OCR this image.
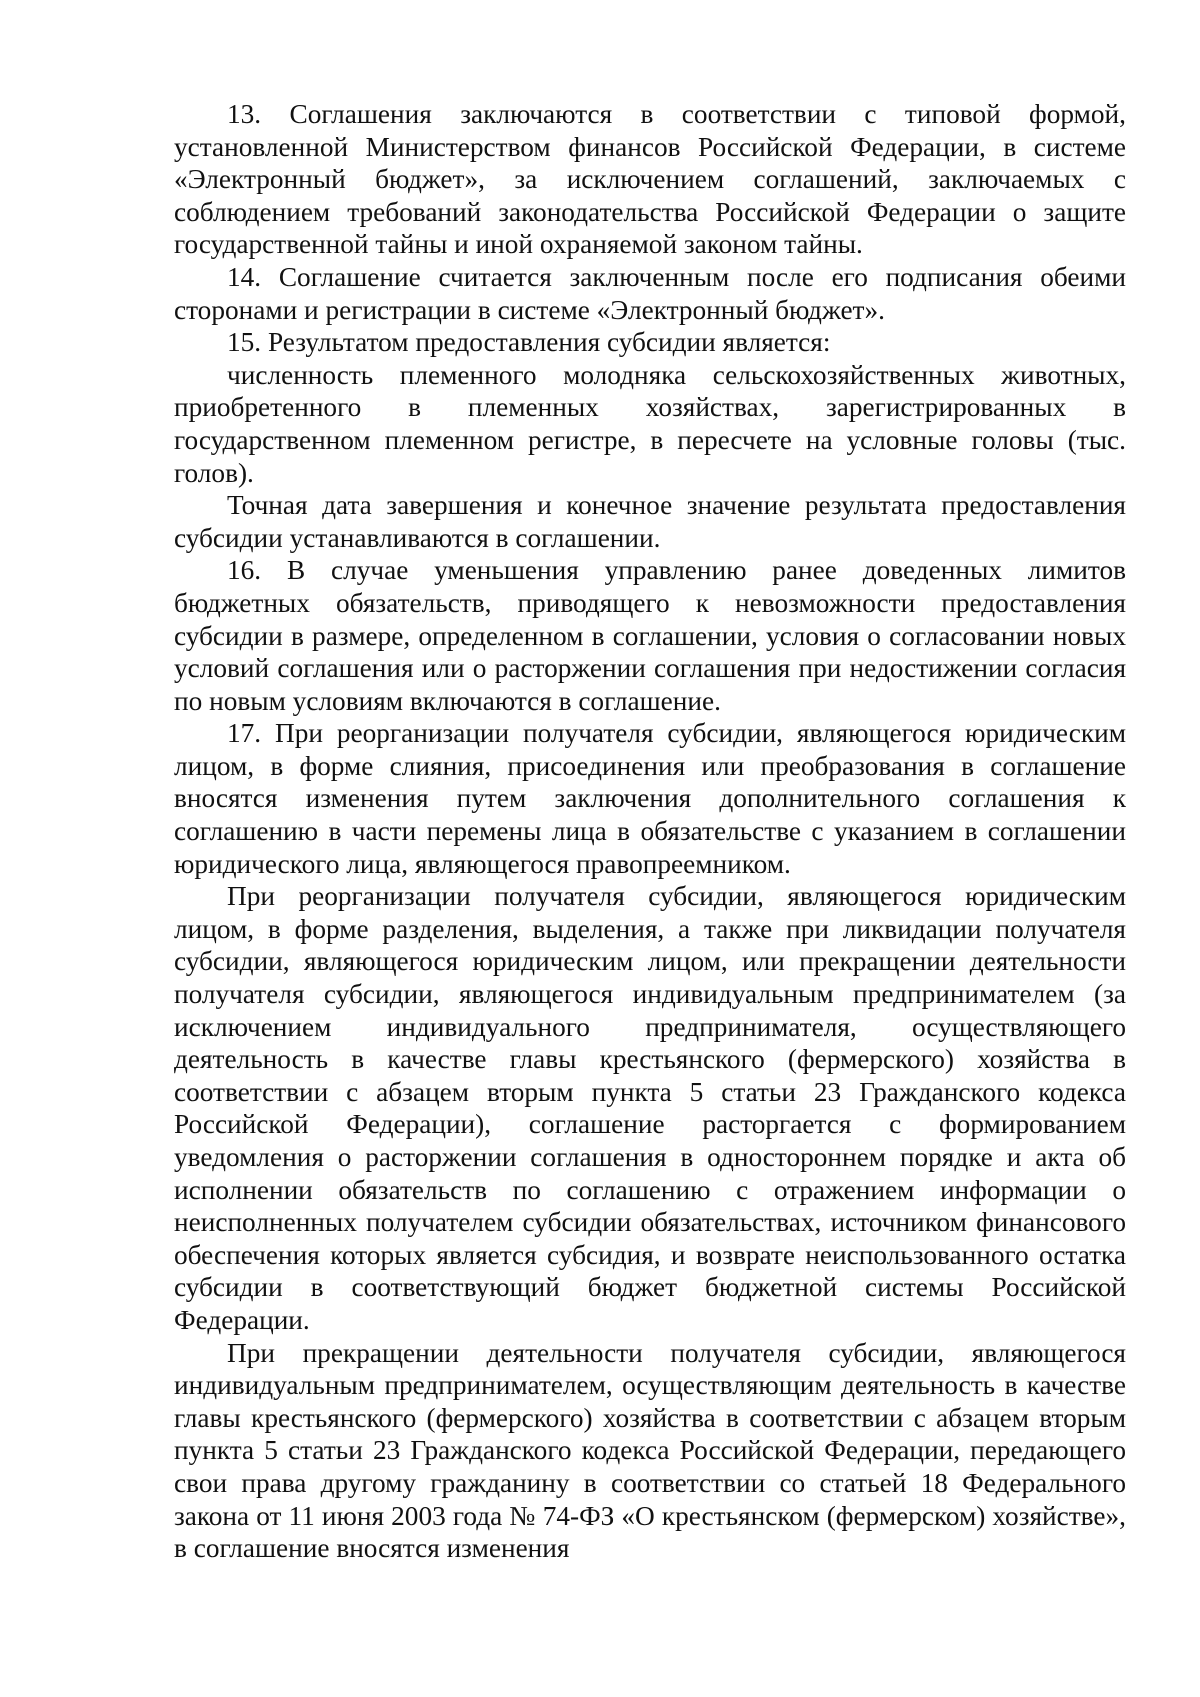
13. Соглашения заключаются в соответствии с типовой формой, установленной Министерством финансов Российской Федерации, в системе «Электронный бюджет», за исключением соглашений, заключаемых с соблюдением требований законодательства Российской Федерации о защите государственной тайны и иной охраняемой законом тайны.

14. Соглашение считается заключенным после его подписания обеими сторонами и регистрации в системе «Электронный бюджет».

15. Результатом предоставления субсидии является:

численность племенного молодняка сельскохозяйственных животных, приобретенного в племенных хозяйствах, зарегистрированных в государственном племенном регистре, в пересчете на условные головы (тыс. голов).

Точная дата завершения и конечное значение результата предоставления субсидии устанавливаются в соглашении.

16. В случае уменьшения управлению ранее доведенных лимитов бюджетных обязательств, приводящего к невозможности предоставления субсидии в размере, определенном в соглашении, условия о согласовании новых условий соглашения или о расторжении соглашения при недостижении согласия по новым условиям включаются в соглашение.

17. При реорганизации получателя субсидии, являющегося юридическим лицом, в форме слияния, присоединения или преобразования в соглашение вносятся изменения путем заключения дополнительного соглашения к соглашению в части перемены лица в обязательстве с указанием в соглашении юридического лица, являющегося правопреемником.

При реорганизации получателя субсидии, являющегося юридическим лицом, в форме разделения, выделения, а также при ликвидации получателя субсидии, являющегося юридическим лицом, или прекращении деятельности получателя субсидии, являющегося индивидуальным предпринимателем (за исключением индивидуального предпринимателя, осуществляющего деятельность в качестве главы крестьянского (фермерского) хозяйства в соответствии с абзацем вторым пункта 5 статьи 23 Гражданского кодекса Российской Федерации), соглашение расторгается с формированием уведомления о расторжении соглашения в одностороннем порядке и акта об исполнении обязательств по соглашению с отражением информации о неисполненных получателем субсидии обязательствах, источником финансового обеспечения которых является субсидия, и возврате неиспользованного остатка субсидии в соответствующий бюджет бюджетной системы Российской Федерации.

При прекращении деятельности получателя субсидии, являющегося индивидуальным предпринимателем, осуществляющим деятельность в качестве главы крестьянского (фермерского) хозяйства в соответствии с абзацем вторым пункта 5 статьи 23 Гражданского кодекса Российской Федерации, передающего свои права другому гражданину в соответствии со статьей 18 Федерального закона от 11 июня 2003 года № 74-ФЗ «О крестьянском (фермерском) хозяйстве», в соглашение вносятся изменения
